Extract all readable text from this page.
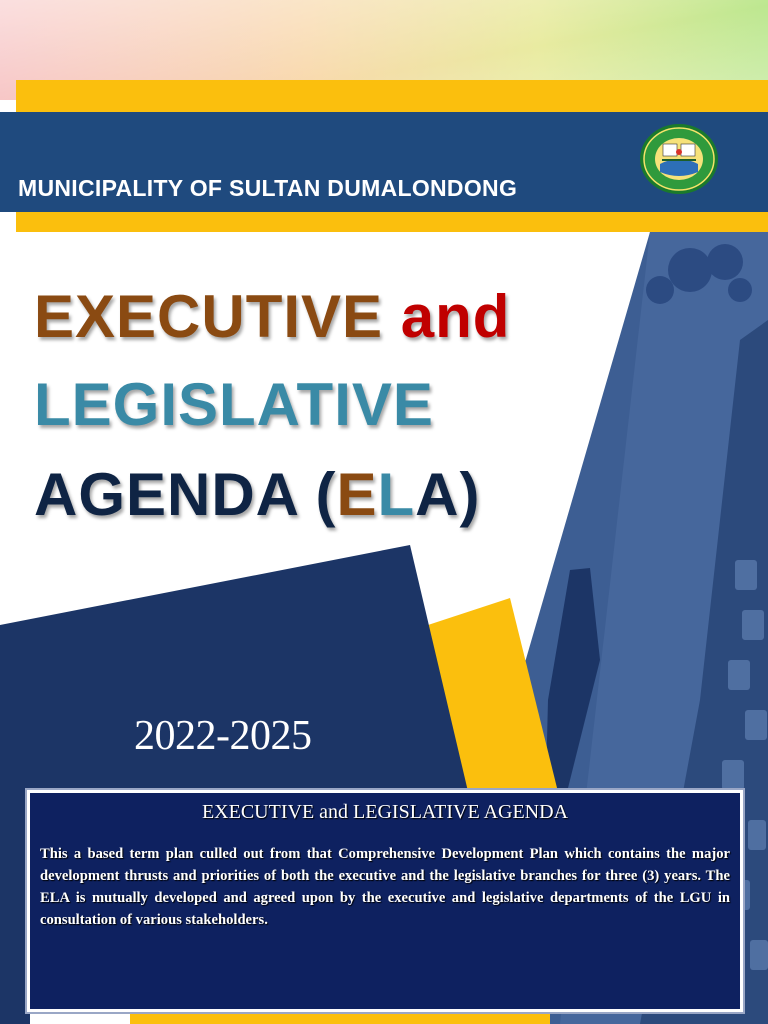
MUNICIPALITY OF SULTAN DUMALONDONG
EXECUTIVE and
LEGISLATIVE
AGENDA (ELA)
2022-2025
EXECUTIVE and LEGISLATIVE AGENDA
This a based term plan culled out from that Comprehensive Development Plan which contains the major development thrusts and priorities of both the executive and the legislative branches for three (3) years. The ELA is mutually developed and agreed upon by the executive and legislative departments of the LGU in consultation of various stakeholders.
